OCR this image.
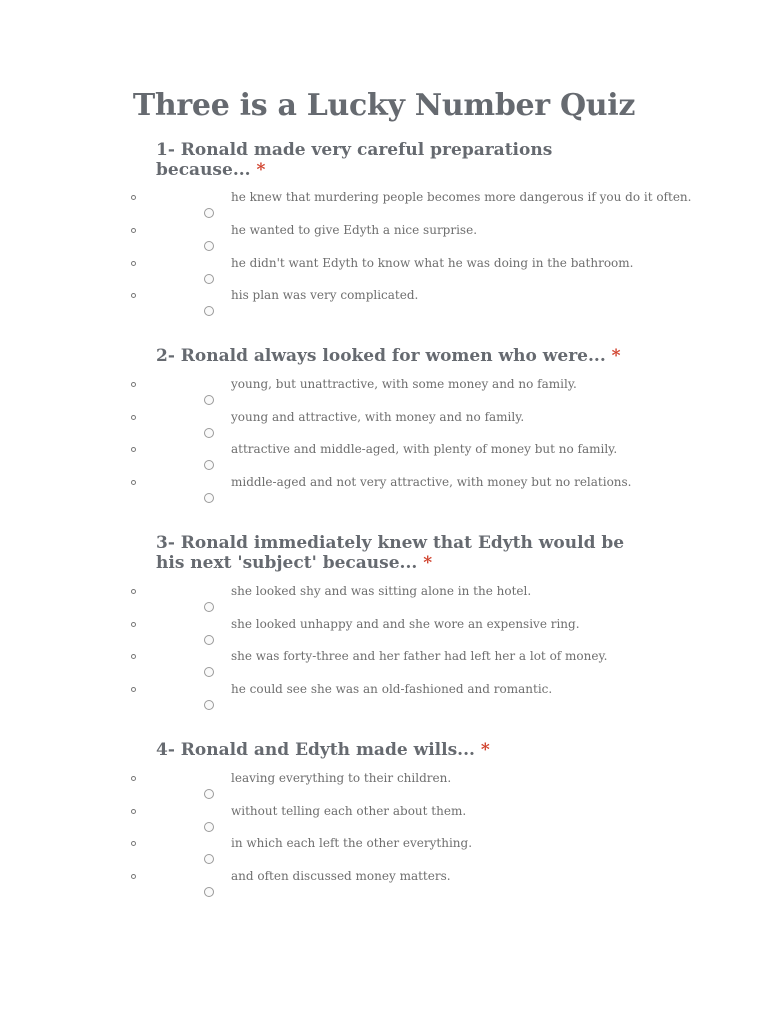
Three is a Lucky Number Quiz
1- Ronald made very careful preparations because... *
he knew that murdering people becomes more dangerous if you do it often.
he wanted to give Edyth a nice surprise.
he didn't want Edyth to know what he was doing in the bathroom.
his plan was very complicated.
2- Ronald always looked for women who were... *
young, but unattractive, with some money and no family.
young and attractive, with money and no family.
attractive and middle-aged, with plenty of money but no family.
middle-aged and not very attractive, with money but no relations.
3- Ronald immediately knew that Edyth would be his next 'subject' because... *
she looked shy and was sitting alone in the hotel.
she looked unhappy and and she wore an expensive ring.
she was forty-three and her father had left her a lot of money.
he could see she was an old-fashioned and romantic.
4- Ronald and Edyth made wills... *
leaving everything to their children.
without telling each other about them.
in which each left the other everything.
and often discussed money matters.
